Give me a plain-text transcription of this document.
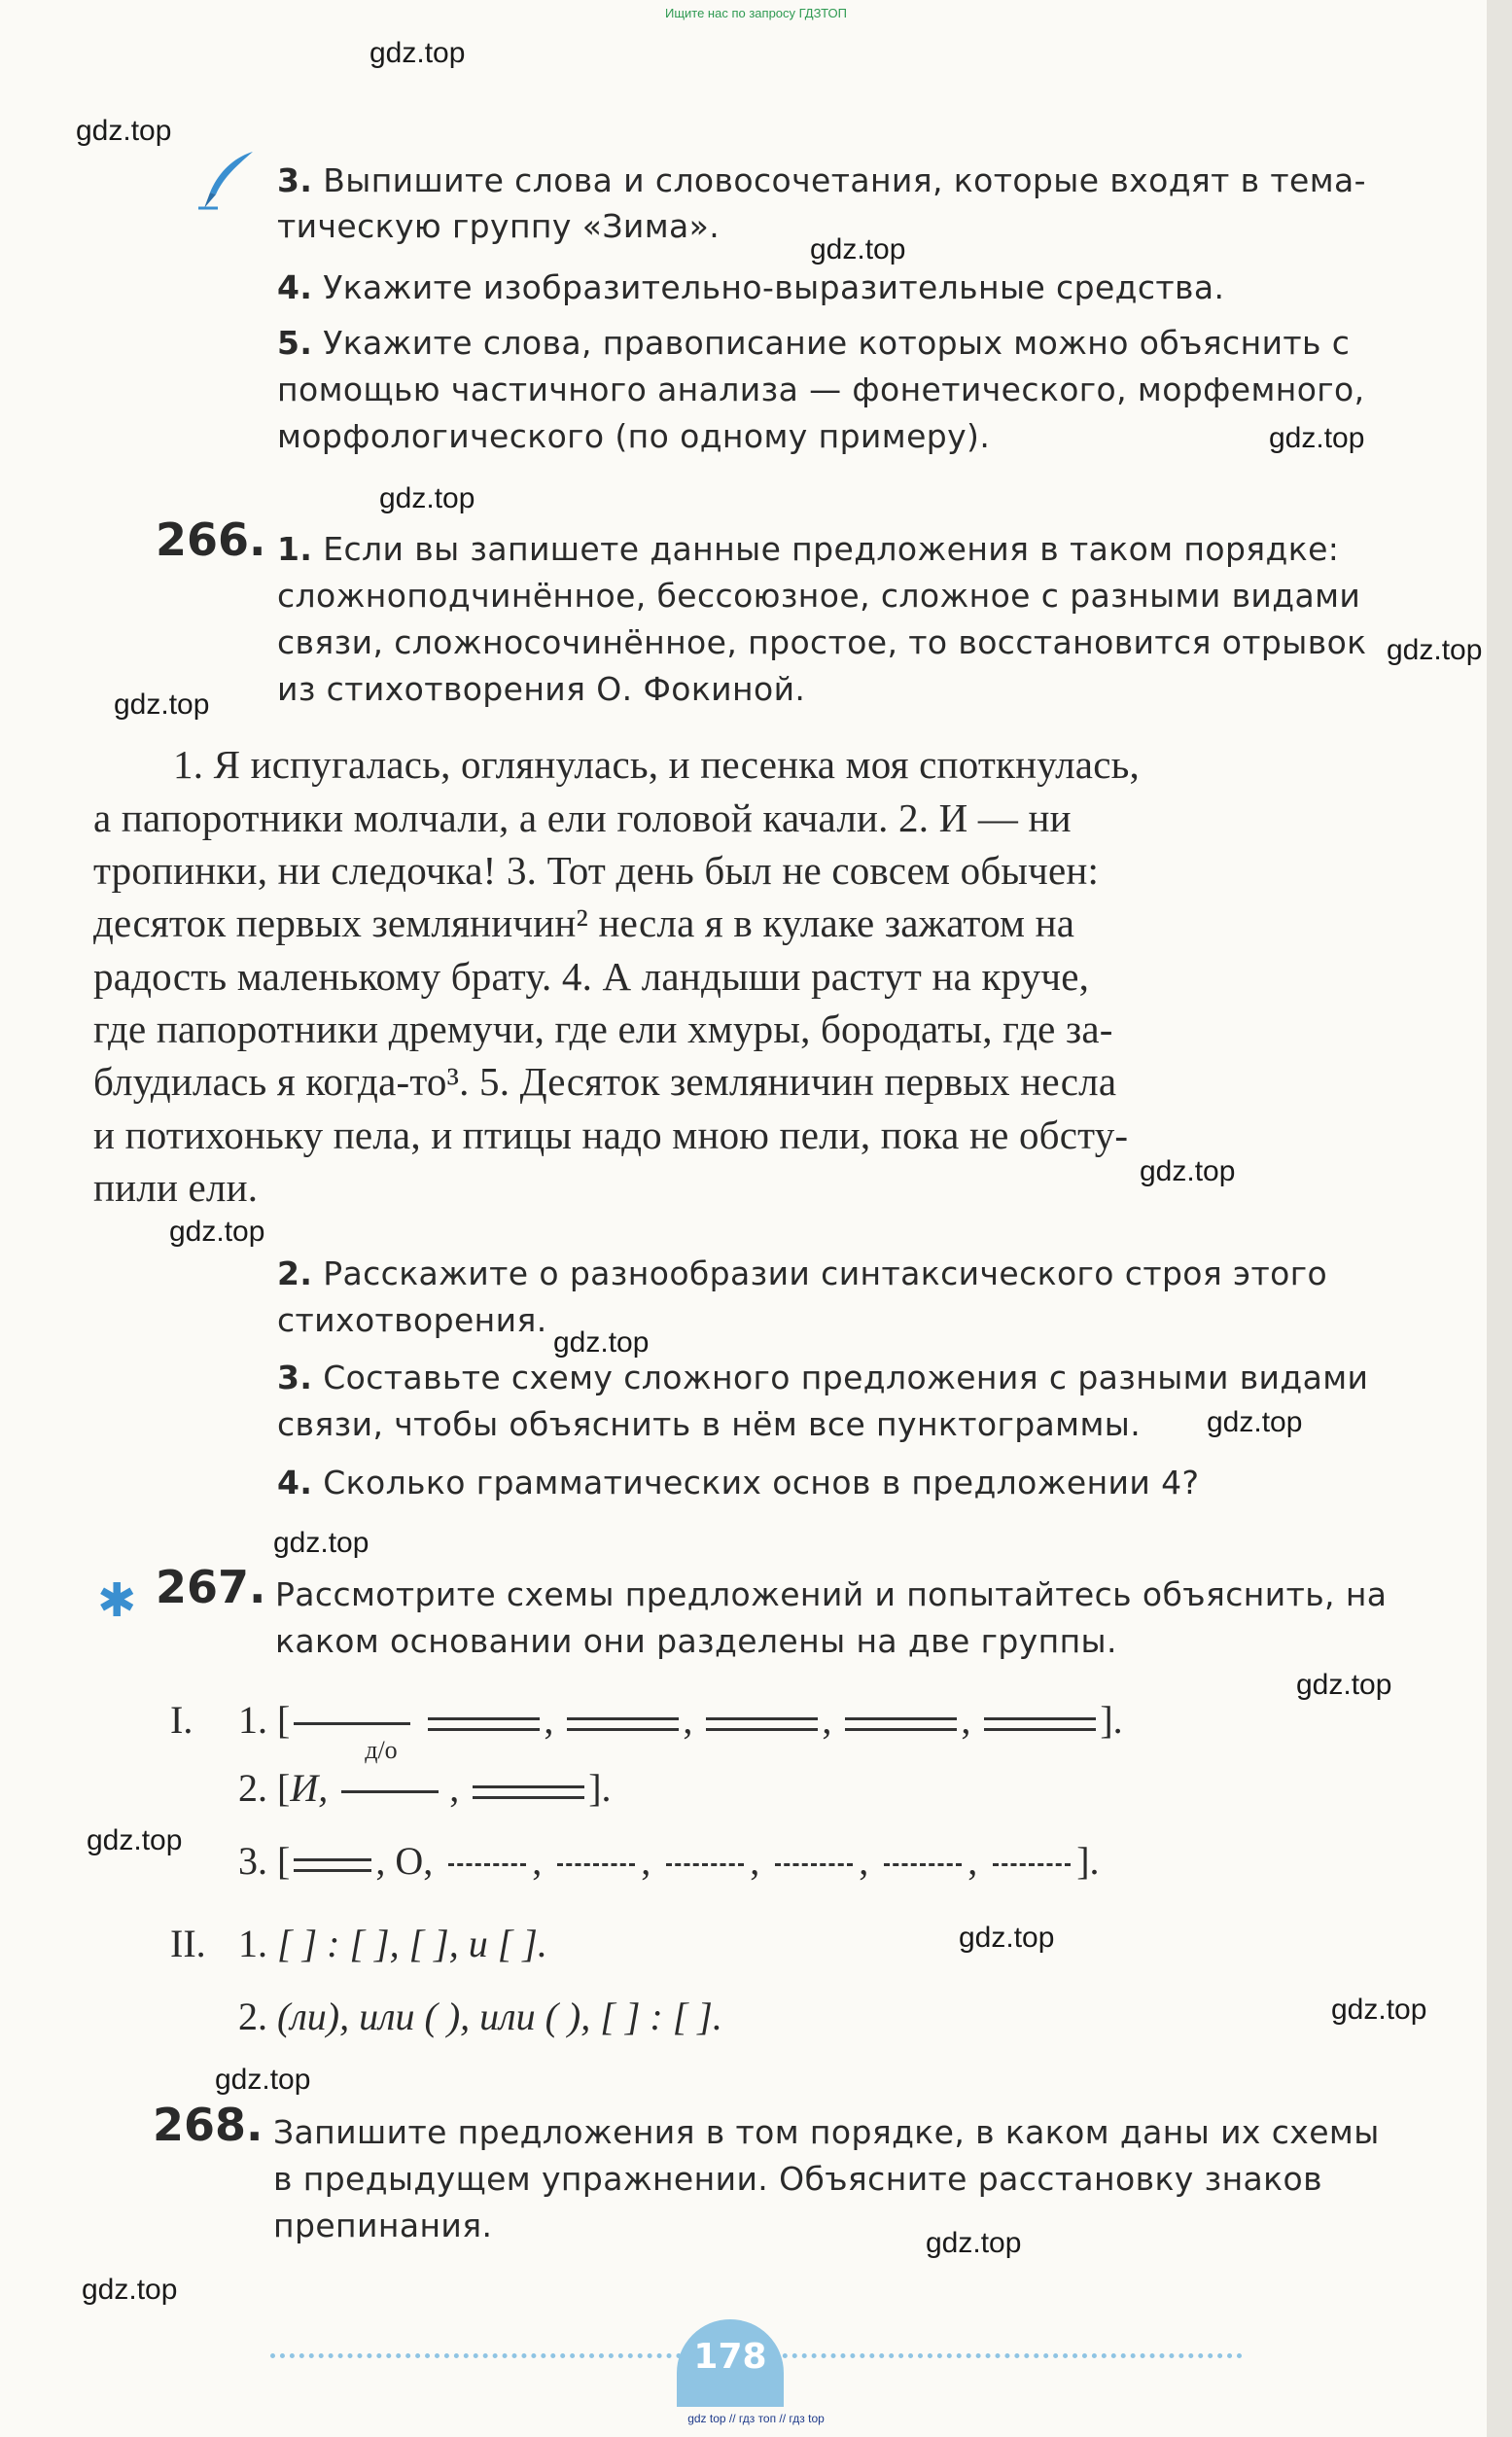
Ищите нас по запросу ГДЗТОП
gdz.top
gdz.top
gdz.top
gdz.top
gdz.top
gdz.top
gdz.top
gdz.top
gdz.top
gdz.top
gdz.top
gdz.top
gdz.top
gdz.top
gdz.top
gdz.top
gdz.top
gdz.top
gdz.top
3. Выпишите слова и словосочетания, которые входят в тема-
тическую группу «Зима».
4. Укажите изобразительно-выразительные средства.
5. Укажите слова, правописание которых можно объяснить с
помощью частичного анализа — фонетического, морфемного,
морфологического (по одному примеру).
266. 1. Если вы запишете данные предложения в таком порядке:
сложноподчинённое, бессоюзное, сложное с разными видами
связи, сложносочинённое, простое, то восстановится отрывок
из стихотворения О. Фокиной.
1. Я испугалась, оглянулась, и песенка моя споткнулась,
а папоротники молчали, а ели головой качали. 2. И — ни
тропинки, ни следочка! 3. Тот день был не совсем обычен:
десяток первых земляничин² несла я в кулаке зажатом на
радость маленькому брату. 4. А ландыши растут на круче,
где папоротники дремучи, где ели хмуры, бородаты, где за-
блудилась я когда-то³. 5. Десяток земляничин первых несла
и потихоньку пела, и птицы надо мною пели, пока не обсту-
пили ели.
2. Расскажите о разнообразии синтаксического строя этого
стихотворения.
3. Составьте схему сложного предложения с разными видами
связи, чтобы объяснить в нём все пунктограммы.
4. Сколько грамматических основ в предложении 4?
✱ 267. Рассмотрите схемы предложений и попытайтесь объяснить, на
каком основании они разделены на две группы.
I. 1. [	,	,	,	,	].
2. [И,
д/о
,	].
3. [ , О,	, , , , , ].
II. 1. [ ] : [ ], [ ], и [ ].
2. (ли), или ( ), или ( ), [ ] : [ ].
268. Запишите предложения в том порядке, в каком даны их схемы
в предыдущем упражнении. Объясните расстановку знаков
препинания.
178
gdz top // гдз топ // гдз top
